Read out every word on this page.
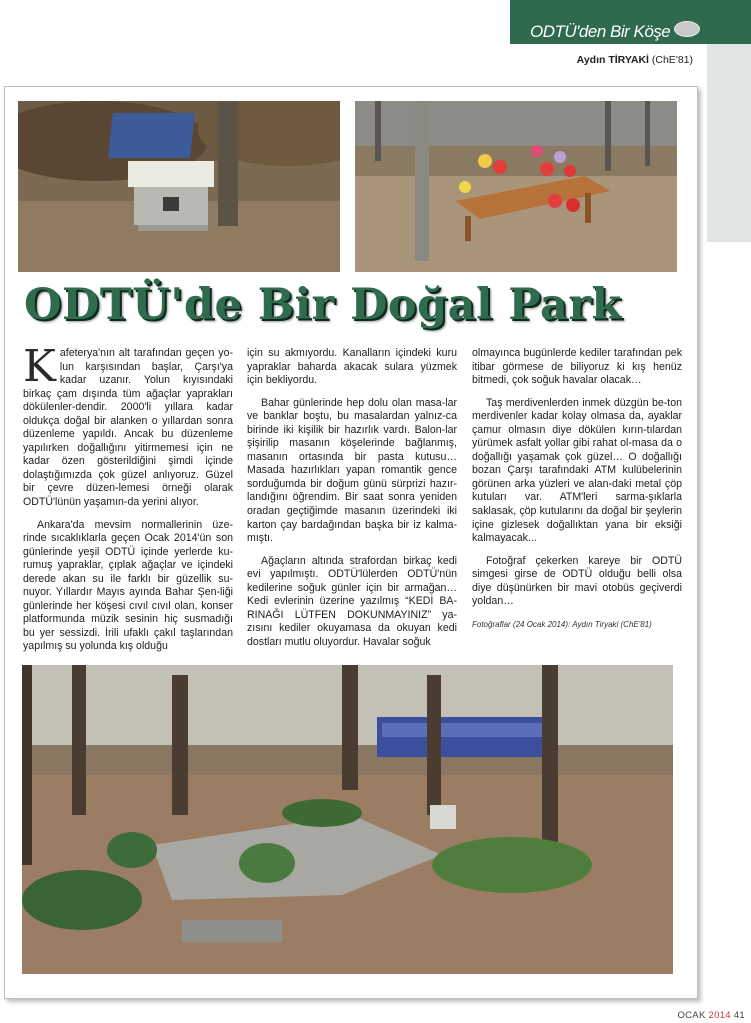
ODTÜ'den Bir Köşe
Aydın TİRYAKİ (ChE'81)
ODTÜ'de Bir Doğal Park

Kafeterya'nın alt tarafından geçen yo-lun karşısından başlar, Çarşı'ya kadar uzanır. Yolun kıyısındaki birkaç çam dışında tüm ağaçlar yaprakları dökülenler-dendir. 2000'li yıllara kadar oldukça doğal bir alanken o yıllardan sonra düzenleme yapıldı. Ancak bu düzenleme yapılırken doğallığını yitirmemesi için ne kadar özen gösterildiğini şimdi içinde dolaştığımızda çok güzel anlıyoruz. Güzel bir çevre düzen-lemesi örneği olarak ODTÜ'lünün yaşamın-da yerini alıyor.

Ankara'da mevsim normallerinin üze-rinde sıcaklıklarla geçen Ocak 2014'ün son günlerinde yeşil ODTÜ içinde yerlerde ku-rumuş yapraklar, çıplak ağaçlar ve içindeki derede akan su ile farklı bir güzellik su-nuyor. Yıllardır Mayıs ayında Bahar Şen-liği günlerinde her köşesi cıvıl cıvıl olan, konser platformunda müzik sesinin hiç susmadığı bu yer sessizdi. İrili ufaklı çakıl taşlarından yapılmış su yolunda kış olduğu

için su akmıyordu. Kanalların içindeki kuru yapraklar baharda akacak sulara yüzmek için bekliyordu.

Bahar günlerinde hep dolu olan masa-lar ve banklar boştu, bu masalardan yalnız-ca birinde iki kişilik bir hazırlık vardı. Balon-lar şişirilip masanın köşelerinde bağlanmış, masanın ortasında bir pasta kutusu… Masada hazırlıkları yapan romantik gence sorduğumda bir doğum günü sürprizi hazır-landığını öğrendim. Bir saat sonra yeniden oradan geçtiğimde masanın üzerindeki iki karton çay bardağından başka bir iz kalma-mıştı.

Ağaçların altında strafordan birkaç kedi evi yapılmıştı. ODTÜ'lülerden ODTÜ'nün kedilerine soğuk günler için bir armağan… Kedi evlerinin üzerine yazılmış “KEDİ BA-RINAĞI LÜTFEN DOKUNMAYINIZ” ya-zısını kediler okuyamasa da okuyan kedi dostları mutlu oluyordur. Havalar soğuk

olmayınca bugünlerde kediler tarafından pek itibar görmese de biliyoruz ki kış henüz bitmedi, çok soğuk havalar olacak…

Taş merdivenlerden inmek düzgün be-ton merdivenler kadar kolay olmasa da, ayaklar çamur olmasın diye dökülen kırın-tılardan yürümek asfalt yollar gibi rahat ol-masa da o doğallığı yaşamak çok güzel… O doğallığı bozan Çarşı tarafındaki ATM kulübelerinin görünen arka yüzleri ve alan-daki metal çöp kutuları var. ATM'leri sarma-şıklarla saklasak, çöp kutularını da doğal bir şeylerin içine gizlesek doğallıktan yana bir eksiği kalmayacak...

Fotoğraf çekerken kareye bir ODTÜ simgesi girse de ODTÜ olduğu belli olsa diye düşünürken bir mavi otobüs geçiverdi yoldan…

Fotoğraflar (24 Ocak 2014): Aydın Tiryaki (ChE'81)

OCAK 2014 41
